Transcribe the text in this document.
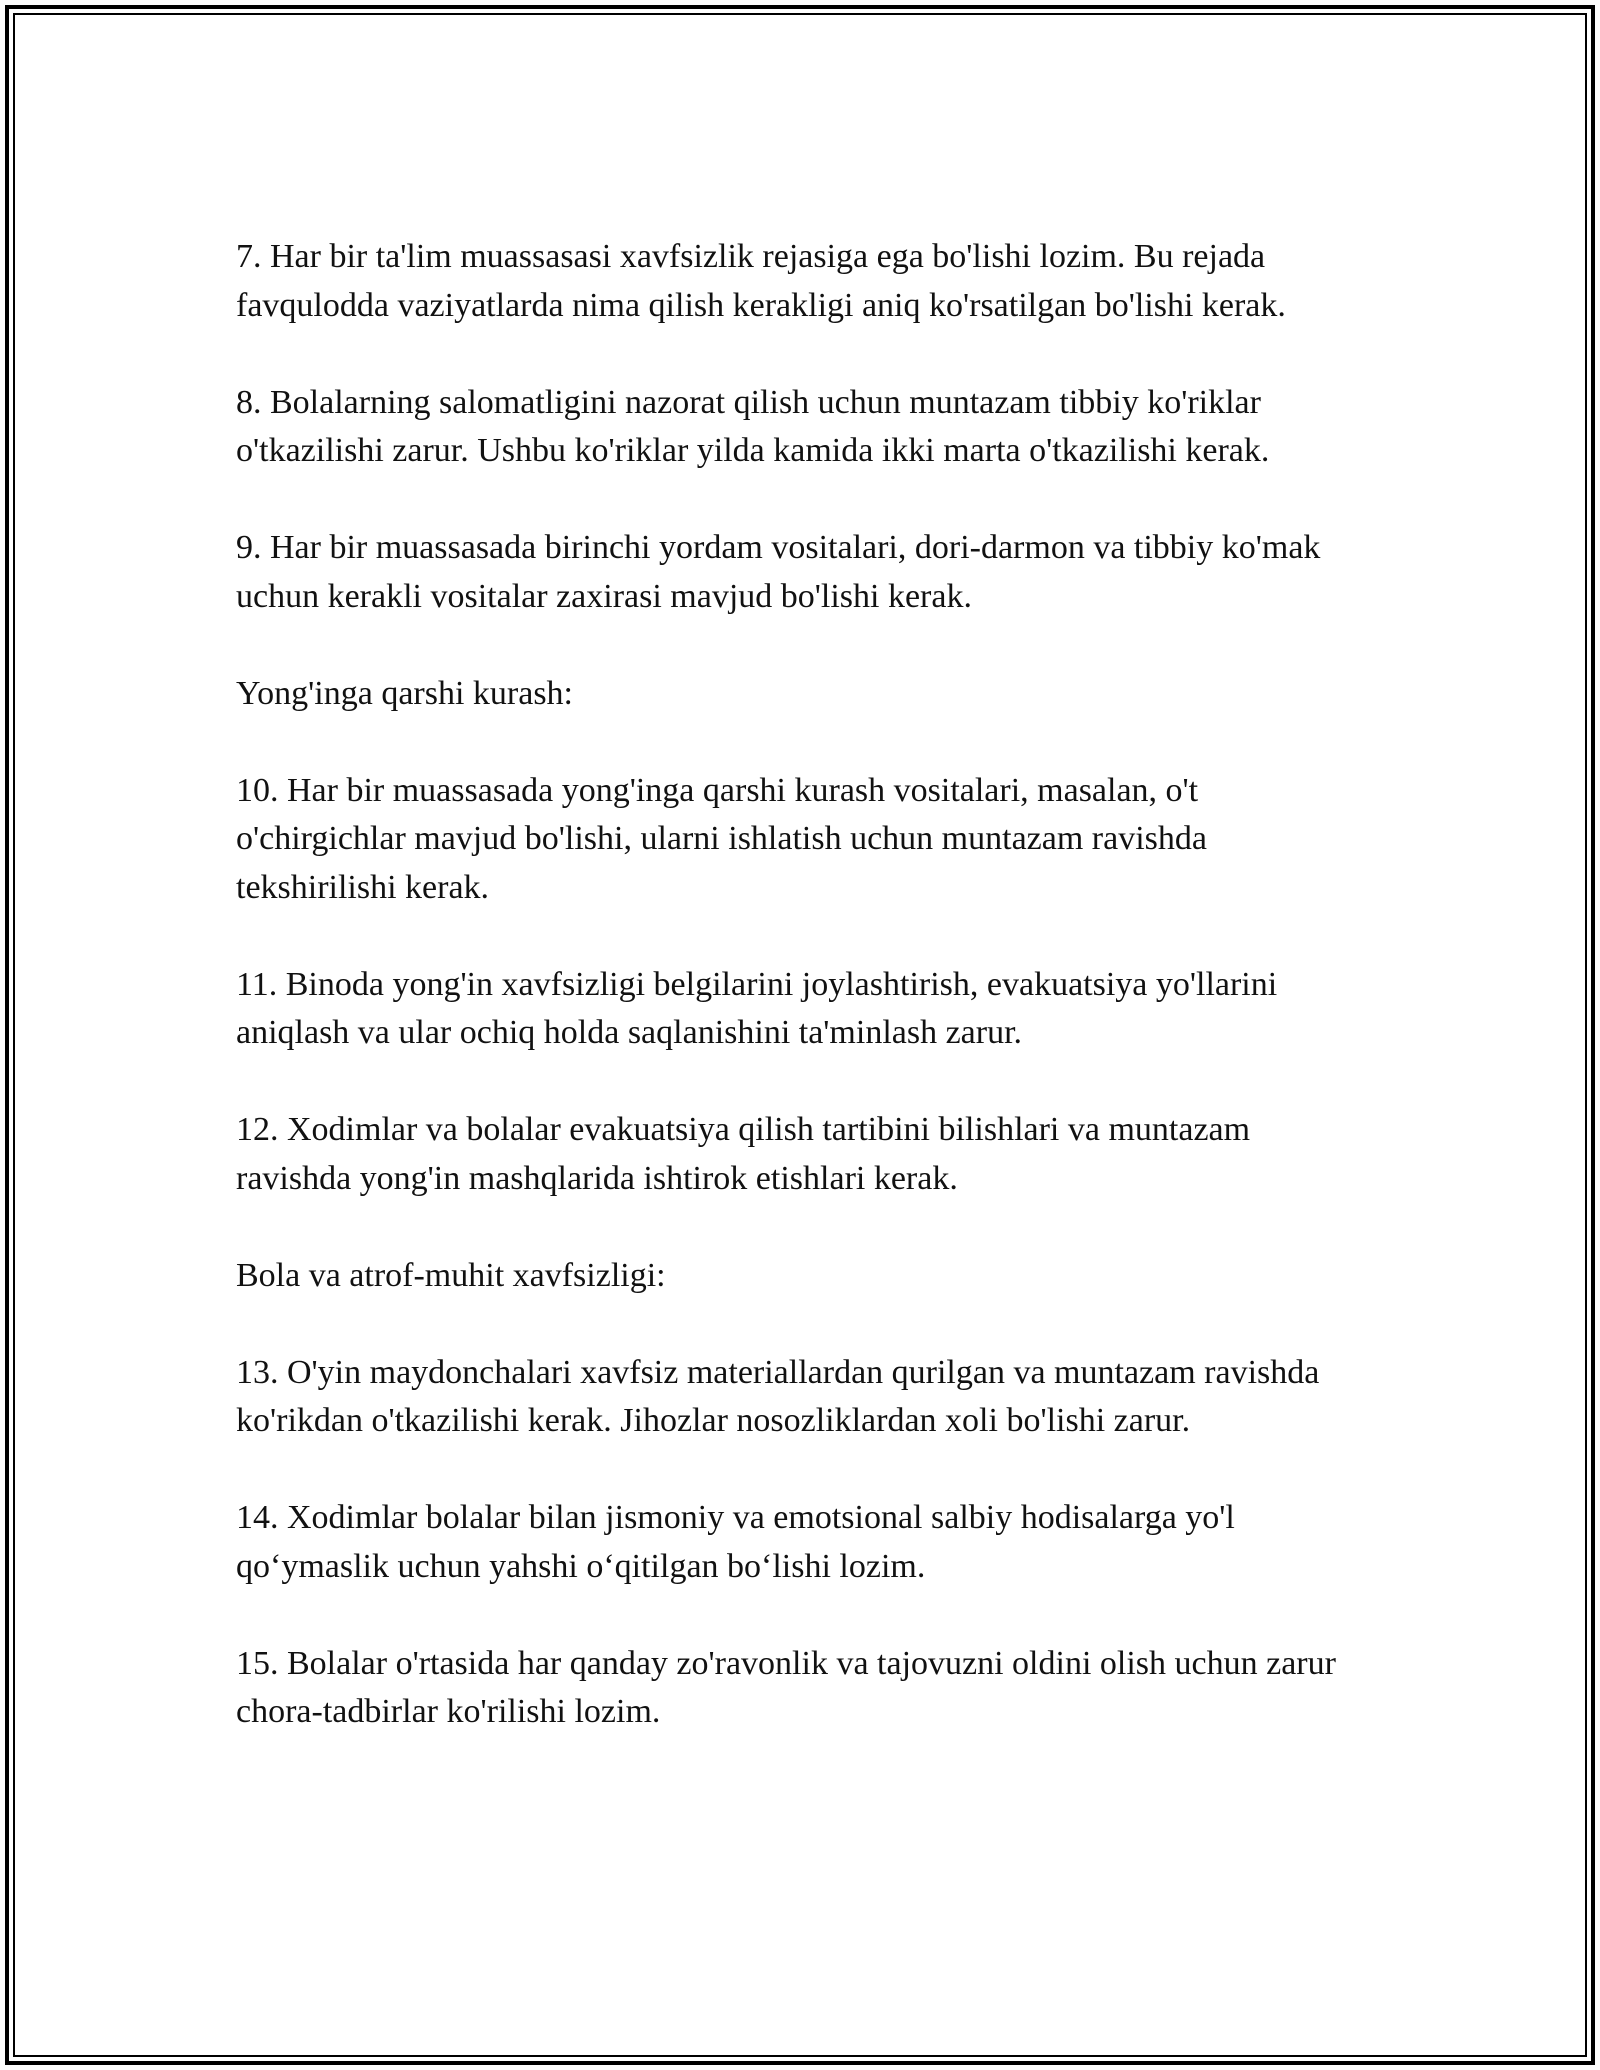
7. Har bir ta'lim muassasasi xavfsizlik rejasiga ega bo'lishi lozim. Bu rejada favqulodda vaziyatlarda nima qilish kerakligi aniq ko'rsatilgan bo'lishi kerak.

8. Bolalarning salomatligini nazorat qilish uchun muntazam tibbiy ko'riklar o'tkazilishi zarur. Ushbu ko'riklar yilda kamida ikki marta o'tkazilishi kerak.

9. Har bir muassasada birinchi yordam vositalari, dori-darmon va tibbiy ko'mak uchun kerakli vositalar zaxirasi mavjud bo'lishi kerak.

Yong'inga qarshi kurash:

10. Har bir muassasada yong'inga qarshi kurash vositalari, masalan, o't o'chirgichlar mavjud bo'lishi, ularni ishlatish uchun muntazam ravishda tekshirilishi kerak.

11. Binoda yong'in xavfsizligi belgilarini joylashtirish, evakuatsiya yo'llarini aniqlash va ular ochiq holda saqlanishini ta'minlash zarur.

12. Xodimlar va bolalar evakuatsiya qilish tartibini bilishlari va muntazam ravishda yong'in mashqlarida ishtirok etishlari kerak.

Bola va atrof-muhit xavfsizligi:

13. O'yin maydonchalari xavfsiz materiallardan qurilgan va muntazam ravishda ko'rikdan o'tkazilishi kerak. Jihozlar nosozliklardan xoli bo'lishi zarur.

14. Xodimlar bolalar bilan jismoniy va emotsional salbiy hodisalarga yo'l qo‘ymaslik uchun yahshi o‘qitilgan bo‘lishi lozim.

15. Bolalar o'rtasida har qanday zo'ravonlik va tajovuzni oldini olish uchun zarur chora-tadbirlar ko'rilishi lozim.
